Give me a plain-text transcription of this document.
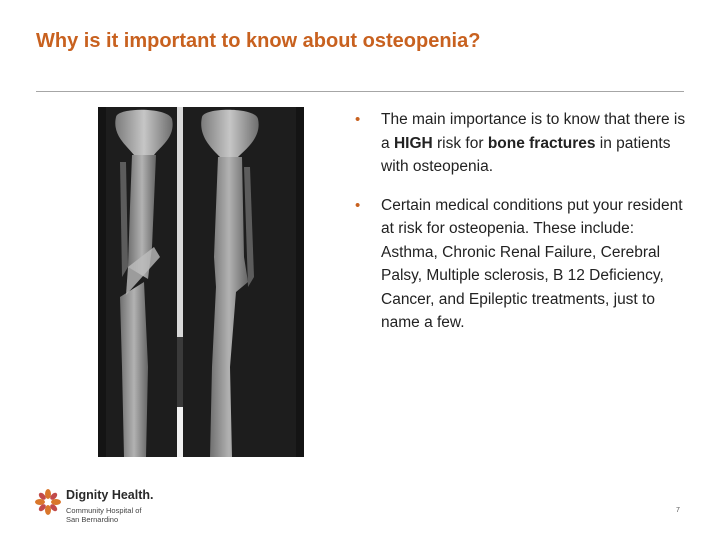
Why is it important to know about osteopenia?
• The main importance is to know that there is a HIGH risk for bone fractures in patients with osteopenia.
• Certain medical conditions put your resident at risk for osteopenia. These include: Asthma, Chronic Renal Failure, Cerebral Palsy, Multiple sclerosis, B 12 Deficiency, Cancer, and Epileptic treatments, just to name a few.
Dignity Health.
Community Hospital of
San Bernardino
7
